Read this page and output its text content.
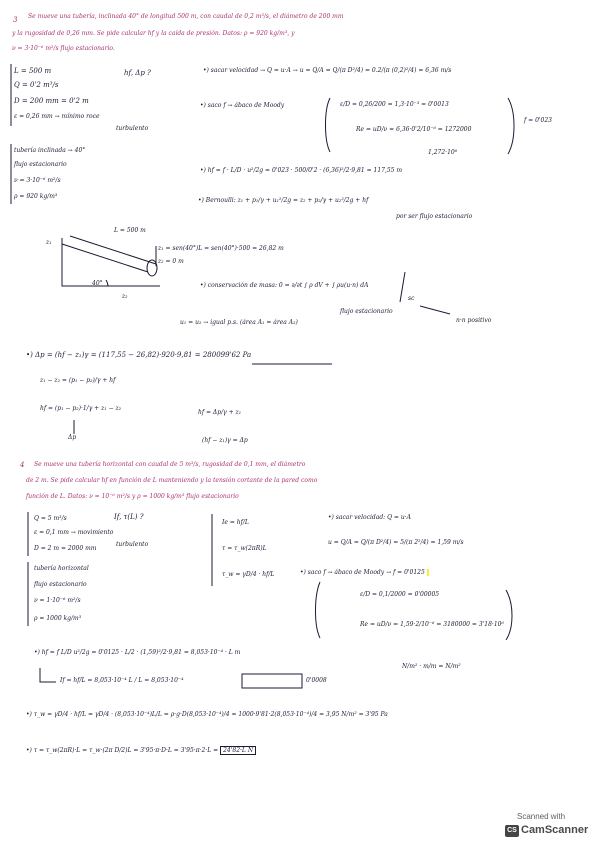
3 Se mueve una tubería, inclinada 40° de longitud 500 m, con caudal de 0,2 m³/s, el diámetro de 200 mm
y la rugosidad de 0,26 mm. Se pide calcular hf y la caída de presión. Datos: ρ = 920 kg/m³, y
ν = 3·10⁻⁶ m²/s flujo estacionario.
L = 500 m
Q = 0'2 m³/s
D = 200 mm = 0'2 m
ε = 0,26 mm → mínimo roce
hf, Δp ?
turbulento
tubería inclinada → 40°
flujo estacionario
ν = 3·10⁻⁶ m²/s
ρ = 920 kg/m³
•) sacar velocidad → Q = u·A → u = Q/A = Q/(π D²/4) = 0.2/(π (0,2)²/4) = 6,36 m/s
•) saco f → ábaco de Moody	ε/D = 0,26/200 = 1,3·10⁻³ = 0'0013
Re = uD/ν = 6,36·0'2/10⁻⁶ = 1272000
1,272·10⁶
f = 0'023
•) hf = f · L/D · u²/2g = 0'023 · 500/0'2 · (6,36)²/2·9,81 = 117,55 m
•) Bernoulli: z₁ + p₁/γ + u₁²/2g = z₂ + p₂/γ + u₂²/2g + hf
por ser flujo estacionario
L = 500 m
40°
z₁
z₂
z₁ = sen(40°)L = sen(40°)·500 = 26,82 m
z₂ = 0 m
•) conservación de masa: 0 = ∂/∂t ∫ ρ dV + ∫ ρu(u·n) dA
flujo estacionario
sc
u₁ = u₂ → igual p.s. (área A₁ = área A₂)	n·n positivo
•) Δp = (hf − z₁)γ = (117,55 − 26,82)·920·9,81 = 280099'62 Pa
z₁ − z₂ = (p₁ − p₂)/γ + hf
hf = (p₁ − p₂)·1/γ + z₁ − z₂
hf = Δp/γ + z₁
(hf − z₁)γ = Δp
Δp
4 Se mueve una tubería horizontal con caudal de 5 m³/s, rugosidad de 0,1 mm, el diámetro
de 2 m. Se pide calcular hf en función de L manteniendo y la tensión cortante de la pared como
función de L. Datos: ν = 10⁻⁶ m²/s y ρ = 1000 kg/m³ flujo estacionario
Q = 5 m³/s
ε = 0,1 mm → movimiento
D = 2 m = 2000 mm
turbulento
tubería horizontal
flujo estacionario
ν = 1·10⁻⁶ m²/s
ρ = 1000 kg/m³
If, τ(L) ?
Ie = hf/L
τ = τ_w(2πR)L
τ_w = γD/4 · hf/L
•) sacar velocidad: Q = u·A
u = Q/A = Q/(π D²/4) = 5/(π 2²/4) = 1,59 m/s
•) saco f → ábaco de Moody → f = 0'0125
ε/D = 0,1/2000 = 0'00005
Re = uD/ν = 1,59·2/10⁻⁶ = 3180000 = 3'18·10⁶
•) hf = f L/D u²/2g = 0'0125 · L/2 · (1,59)²/2·9,81 = 8,053·10⁻⁴ · L m
If = hf/L = 8,053·10⁻⁴ L / L = 8,053·10⁻⁴	0'0008
N/m² · m/m = N/m²
•) τ_w = γD/4 · hf/L = γD/4 · (8,053·10⁻⁴)L/L = ρ·g·D(8,053·10⁻⁴)/4 = 1000·9'81·2(8,053·10⁻⁴)/4 = 3,95 N/m² = 3'95 Pa
•) τ = τ_w(2πR)·L = τ_w·(2π D/2)L = 3'95·π·D·L = 3'95·π·2·L = 24'82·L N
Scanned with
CS CamScanner
